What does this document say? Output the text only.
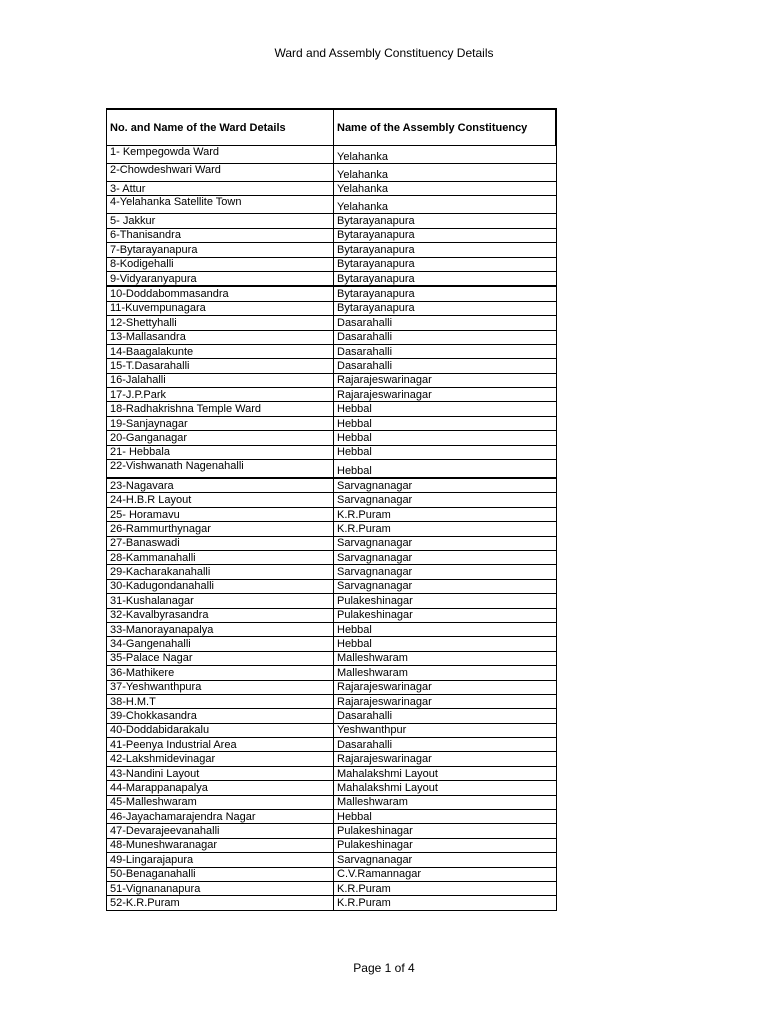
Ward and Assembly Constituency Details
No. and Name of the Ward Details	Name of the Assembly Constituency
1- Kempegowda Ward	Yelahanka
2-Chowdeshwari Ward	Yelahanka
3- Attur	Yelahanka
4-Yelahanka Satellite Town	Yelahanka
5- Jakkur	Bytarayanapura
6-Thanisandra	Bytarayanapura
7-Bytarayanapura	Bytarayanapura
8-Kodigehalli	Bytarayanapura
9-Vidyaranyapura	Bytarayanapura
10-Doddabommasandra	Bytarayanapura
11-Kuvempunagara	Bytarayanapura
12-Shettyhalli	Dasarahalli
13-Mallasandra	Dasarahalli
14-Baagalakunte	Dasarahalli
15-T.Dasarahalli	Dasarahalli
16-Jalahalli	Rajarajeswarinagar
17-J.P.Park	Rajarajeswarinagar
18-Radhakrishna Temple Ward	Hebbal
19-Sanjaynagar	Hebbal
20-Ganganagar	Hebbal
21- Hebbala	Hebbal
22-Vishwanath Nagenahalli	Hebbal
23-Nagavara	Sarvagnanagar
24-H.B.R Layout	Sarvagnanagar
25- Horamavu	K.R.Puram
26-Rammurthynagar	K.R.Puram
27-Banaswadi	Sarvagnanagar
28-Kammanahalli	Sarvagnanagar
29-Kacharakanahalli	Sarvagnanagar
30-Kadugondanahalli	Sarvagnanagar
31-Kushalanagar	Pulakeshinagar
32-Kavalbyrasandra	Pulakeshinagar
33-Manorayanapalya	Hebbal
34-Gangenahalli	Hebbal
35-Palace Nagar	Malleshwaram
36-Mathikere	Malleshwaram
37-Yeshwanthpura	Rajarajeswarinagar
38-H.M.T	Rajarajeswarinagar
39-Chokkasandra	Dasarahalli
40-Doddabidarakalu	Yeshwanthpur
41-Peenya Industrial Area	Dasarahalli
42-Lakshmidevinagar	Rajarajeswarinagar
43-Nandini Layout	Mahalakshmi Layout
44-Marappanapalya	Mahalakshmi Layout
45-Malleshwaram	Malleshwaram
46-Jayachamarajendra Nagar	Hebbal
47-Devarajeevanahalli	Pulakeshinagar
48-Muneshwaranagar	Pulakeshinagar
49-Lingarajapura	Sarvagnanagar
50-Benaganahalli	C.V.Ramannagar
51-Vignananapura	K.R.Puram
52-K.R.Puram	K.R.Puram
Page 1 of 4
